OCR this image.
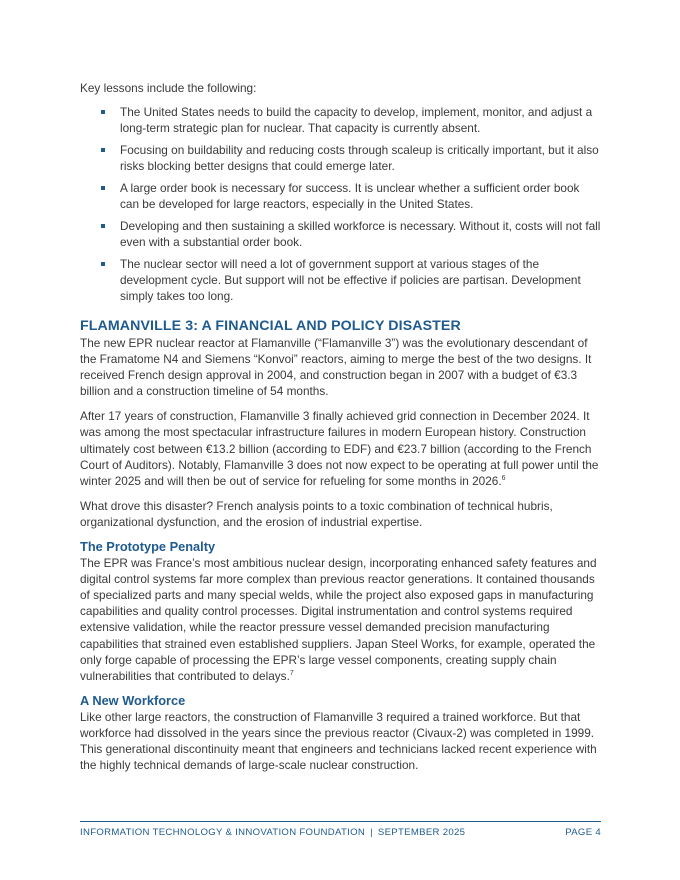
Key lessons include the following:

The United States needs to build the capacity to develop, implement, monitor, and adjust a long-term strategic plan for nuclear. That capacity is currently absent.
Focusing on buildability and reducing costs through scaleup is critically important, but it also risks blocking better designs that could emerge later.
A large order book is necessary for success. It is unclear whether a sufficient order book can be developed for large reactors, especially in the United States.
Developing and then sustaining a skilled workforce is necessary. Without it, costs will not fall even with a substantial order book.
The nuclear sector will need a lot of government support at various stages of the development cycle. But support will not be effective if policies are partisan. Development simply takes too long.
FLAMANVILLE 3: A FINANCIAL AND POLICY DISASTER

The new EPR nuclear reactor at Flamanville (“Flamanville 3”) was the evolutionary descendant of the Framatome N4 and Siemens “Konvoi” reactors, aiming to merge the best of the two designs. It received French design approval in 2004, and construction began in 2007 with a budget of €3.3 billion and a construction timeline of 54 months.

After 17 years of construction, Flamanville 3 finally achieved grid connection in December 2024. It was among the most spectacular infrastructure failures in modern European history. Construction ultimately cost between €13.2 billion (according to EDF) and €23.7 billion (according to the French Court of Auditors). Notably, Flamanville 3 does not now expect to be operating at full power until the winter 2025 and will then be out of service for refueling for some months in 2026.$^6$

What drove this disaster? French analysis points to a toxic combination of technical hubris, organizational dysfunction, and the erosion of industrial expertise.

The Prototype Penalty

The EPR was France’s most ambitious nuclear design, incorporating enhanced safety features and digital control systems far more complex than previous reactor generations. It contained thousands of specialized parts and many special welds, while the project also exposed gaps in manufacturing capabilities and quality control processes. Digital instrumentation and control systems required extensive validation, while the reactor pressure vessel demanded precision manufacturing capabilities that strained even established suppliers. Japan Steel Works, for example, operated the only forge capable of processing the EPR’s large vessel components, creating supply chain vulnerabilities that contributed to delays.$^7$

A New Workforce

Like other large reactors, the construction of Flamanville 3 required a trained workforce. But that workforce had dissolved in the years since the previous reactor (Civaux-2) was completed in 1999. This generational discontinuity meant that engineers and technicians lacked recent experience with the highly technical demands of large-scale nuclear construction.

INFORMATION TECHNOLOGY & INNOVATION FOUNDATION | SEPTEMBER 2025	PAGE 4
